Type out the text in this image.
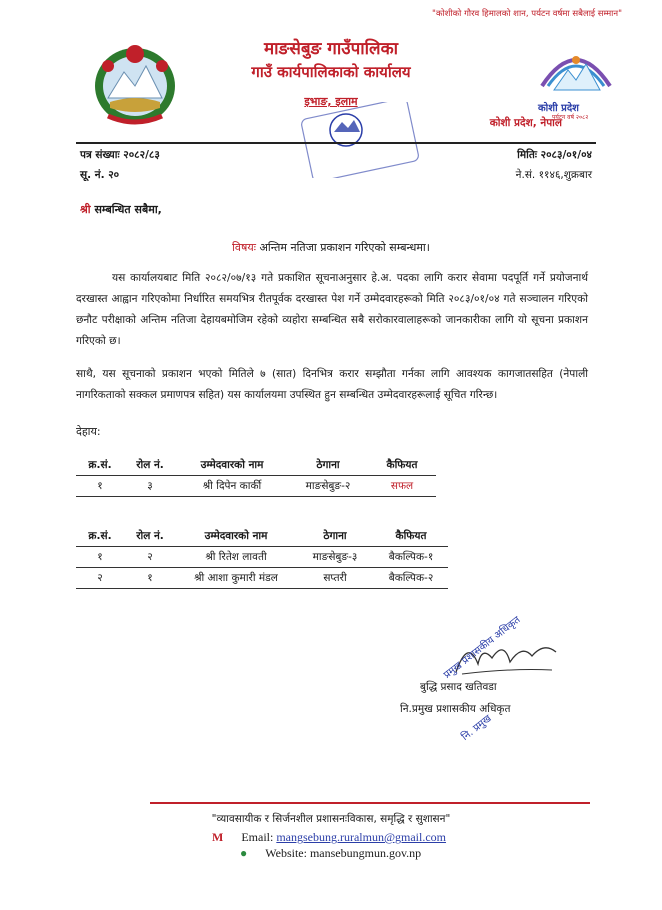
"कोशीको गौरव हिमालको शान, पर्यटन वर्षमा सबैलाई सम्मान"
कोशी प्रदेश
पर्यटन वर्ष २०८२
माङसेबुङ गाउँपालिका
गाउँ कार्यपालिकाको कार्यालय
इभाङ, इलाम
कोशी प्रदेश, नेपाल
पत्र संख्याः २०८२/८३
सू. नं. २०
मितिः २०८३/०१/०४
ने.सं. ११४६,शुक्रबार
श्री सम्बन्धित सबैमा,
विषयः अन्तिम नतिजा प्रकाशन गरिएको सम्बन्धमा।
यस कार्यालयबाट मिति २०८२/०७/१३ गते प्रकाशित सूचनाअनुसार हे.अ. पदका लागि करार सेवामा पदपूर्ति गर्ने प्रयोजनार्थ दरखास्त आह्वान गरिएकोमा निर्धारित समयभित्र रीतपूर्वक दरखास्त पेश गर्ने उम्मेदवारहरूको मिति २०८३/०१/०४ गते सञ्चालन गरिएको छनौट परीक्षाको अन्तिम नतिजा देहायबमोजिम रहेको व्यहोरा सम्बन्धित सबै सरोकारवालाहरूको जानकारीका लागि यो सूचना प्रकाशन गरिएको छ।
साथै, यस सूचनाको प्रकाशन भएको मितिले ७ (सात) दिनभित्र करार सम्झौता गर्नका लागि आवश्यक कागजातसहित (नेपाली नागरिकताको सक्कल प्रमाणपत्र सहित) यस कार्यालयमा उपस्थित हुन सम्बन्धित उम्मेदवारहरूलाई सूचित गरिन्छ।
देहाय:
क्र.सं.	रोल नं.	उम्मेदवारको नाम	ठेगाना	कैफियत
१	३	श्री दिपेन कार्की	माङसेबुङ-२	सफल
क्र.सं.	रोल नं.	उम्मेदवारको नाम	ठेगाना	कैफियत
१	२	श्री रितेश लावती	माङसेबुङ-३	बैकल्पिक-१
२	१	श्री आशा कुमारी मंडल	सप्तरी	बैकल्पिक-२
प्रमुख प्रशासकीय अधिकृत
नि. प्रमुख
बुद्धि प्रसाद खतिवडा
नि.प्रमुख प्रशासकीय अधिकृत
"व्यावसायीक र सिर्जनशील प्रशासनःविकास, समृद्धि र सुशासन"
M Email: mangsebung.ruralmun@gmail.com
● Website: mansebungmun.gov.np
